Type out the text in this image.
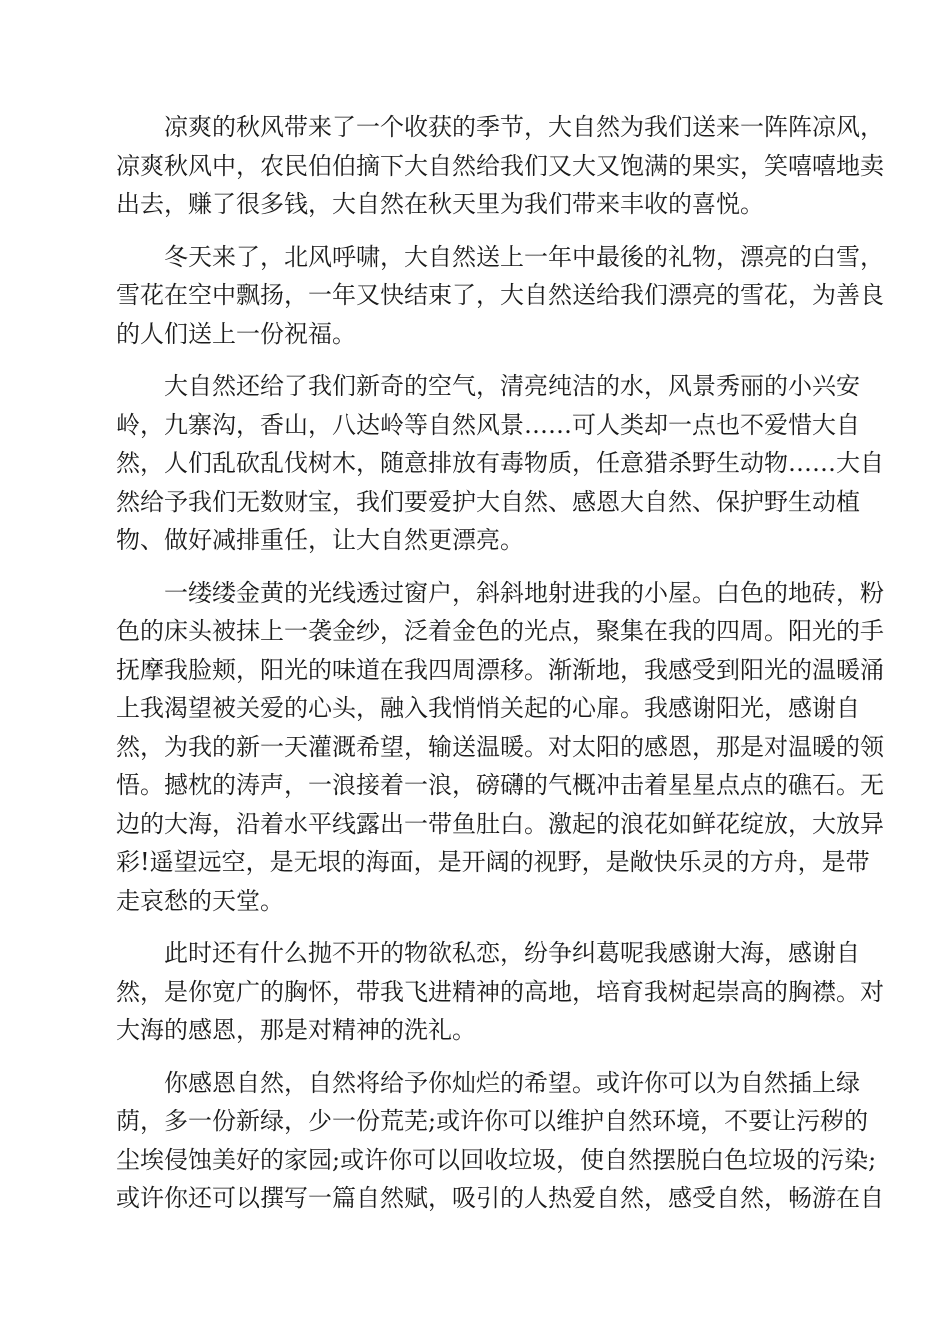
凉爽的秋风带来了一个收获的季节，大自然为我们送来一阵阵凉风，
凉爽秋风中，农民伯伯摘下大自然给我们又大又饱满的果实，笑嘻嘻地卖
出去，赚了很多钱，大自然在秋天里为我们带来丰收的喜悦。
冬天来了，北风呼啸，大自然送上一年中最後的礼物，漂亮的白雪，
雪花在空中飘扬，一年又快结束了，大自然送给我们漂亮的雪花，为善良
的人们送上一份祝福。
大自然还给了我们新奇的空气，清亮纯洁的水，风景秀丽的小兴安
岭，九寨沟，香山，八达岭等自然风景……可人类却一点也不爱惜大自
然，人们乱砍乱伐树木，随意排放有毒物质，任意猎杀野生动物……大自
然给予我们无数财宝，我们要爱护大自然、感恩大自然、保护野生动植
物、做好减排重任，让大自然更漂亮。
一缕缕金黄的光线透过窗户，斜斜地射进我的小屋。白色的地砖，粉
色的床头被抹上一袭金纱，泛着金色的光点，聚集在我的四周。阳光的手
抚摩我脸颊，阳光的味道在我四周漂移。渐渐地，我感受到阳光的温暖涌
上我渴望被关爱的心头，融入我悄悄关起的心扉。我感谢阳光，感谢自
然，为我的新一天灌溉希望，输送温暖。对太阳的感恩，那是对温暖的领
悟。撼枕的涛声，一浪接着一浪，磅礴的气概冲击着星星点点的礁石。无
边的大海，沿着水平线露出一带鱼肚白。激起的浪花如鲜花绽放，大放异
彩!遥望远空，是无垠的海面，是开阔的视野，是敞快乐灵的方舟，是带
走哀愁的天堂。
此时还有什么抛不开的物欲私恋，纷争纠葛呢我感谢大海，感谢自
然，是你宽广的胸怀，带我飞进精神的高地，培育我树起崇高的胸襟。对
大海的感恩，那是对精神的洗礼。
你感恩自然，自然将给予你灿烂的希望。或许你可以为自然插上绿
荫，多一份新绿，少一份荒芜;或许你可以维护自然环境，不要让污秽的
尘埃侵蚀美好的家园;或许你可以回收垃圾，使自然摆脱白色垃圾的污染;
或许你还可以撰写一篇自然赋，吸引的人热爱自然，感受自然，畅游在自
